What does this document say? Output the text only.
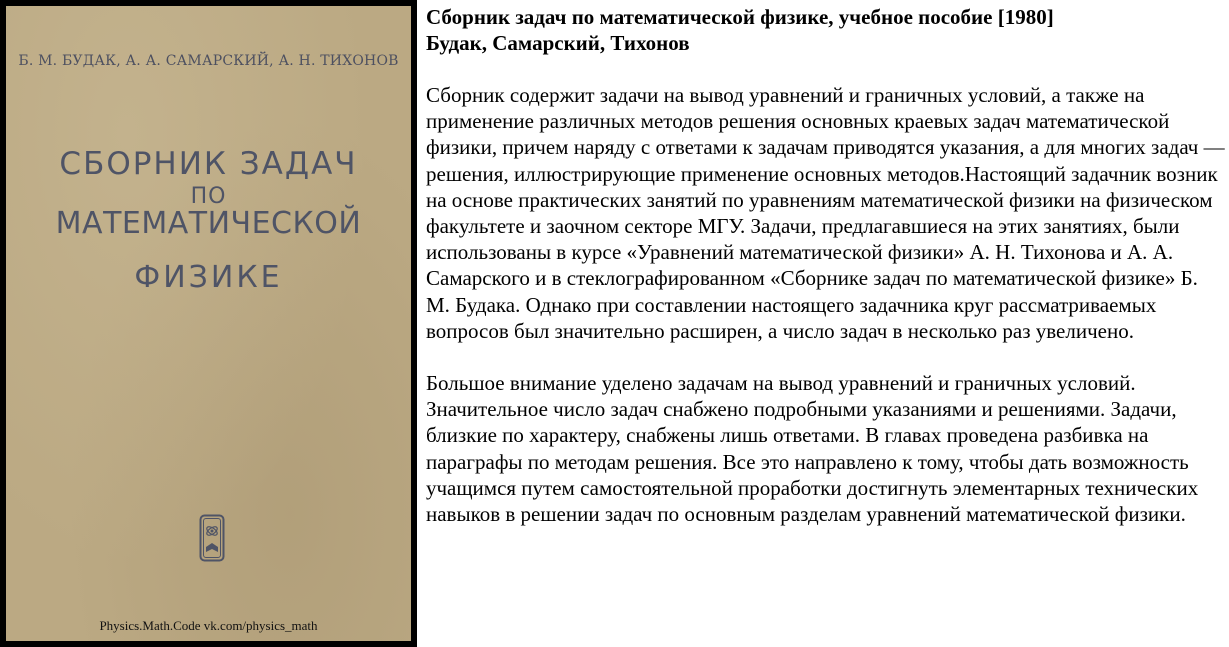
Б. М. БУДАК, А. А. САМАРСКИЙ, А. Н. ТИХОНОВ
СБОРНИК ЗАДАЧ
ПО
МАТЕМАТИЧЕСКОЙ
ФИЗИКЕ
Physics.Math.Code vk.com/physics_math
Сборник задач по математической физике, учебное пособие [1980]
Будак, Самарский, Тихонов

Сборник содержит задачи на вывод уравнений и граничных условий, а также на применение различных методов решения основных краевых задач математической физики, причем наряду с ответами к задачам приводятся указания, а для многих задач — решения, иллюстрирующие применение основных методов.Настоящий задачник возник на основе практических занятий по уравнениям математической физики на физическом факультете и заочном секторе МГУ. Задачи, предлагавшиеся на этих занятиях, были использованы в курсе «Уравнений математической физики» А. Н. Тихонова и А. А. Самарского и в стеклографированном «Сборнике задач по математической физике» Б. М. Будака. Однако при составлении настоящего задачника круг рассматриваемых вопросов был значительно расширен, а число задач в несколько раз увеличено.

Большое внимание уделено задачам на вывод уравнений и граничных условий. Значительное число задач снабжено подробными указаниями и решениями. Задачи, близкие по характеру, снабжены лишь ответами. В главах проведена разбивка на параграфы по методам решения. Все это направлено к тому, чтобы дать возможность учащимся путем самостоятельной проработки достигнуть элементарных технических навыков в решении задач по основным разделам уравнений математической физики.
